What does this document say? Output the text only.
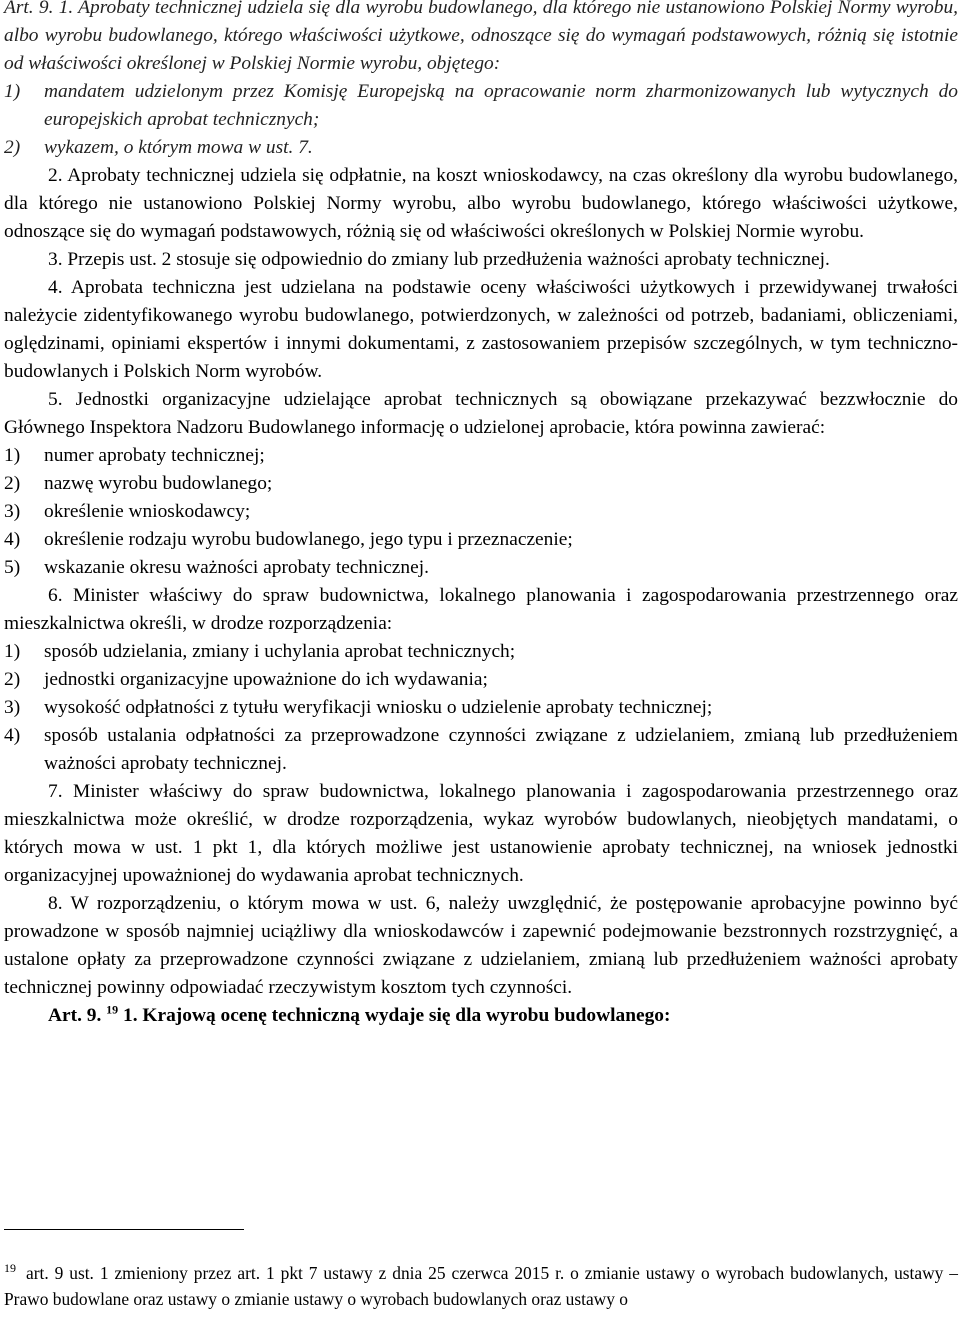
Art. 9. 1. Aprobaty technicznej udziela się dla wyrobu budowlanego, dla którego nie ustanowiono Polskiej Normy wyrobu, albo wyrobu budowlanego, którego właściwości użytkowe, odnoszące się do wymagań podstawowych, różnią się istotnie od właściwości określonej w Polskiej Normie wyrobu, objętego:

1) mandatem udzielonym przez Komisję Europejską na opracowanie norm zharmonizowanych lub wytycznych do europejskich aprobat technicznych;
2) wykazem, o którym mowa w ust. 7.

2. Aprobaty technicznej udziela się odpłatnie, na koszt wnioskodawcy, na czas określony dla wyrobu budowlanego, dla którego nie ustanowiono Polskiej Normy wyrobu, albo wyrobu budowlanego, którego właściwości użytkowe, odnoszące się do wymagań podstawowych, różnią się od właściwości określonych w Polskiej Normie wyrobu.

3. Przepis ust. 2 stosuje się odpowiednio do zmiany lub przedłużenia ważności aprobaty technicznej.

4. Aprobata techniczna jest udzielana na podstawie oceny właściwości użytkowych i przewidywanej trwałości należycie zidentyfikowanego wyrobu budowlanego, potwierdzonych, w zależności od potrzeb, badaniami, obliczeniami, oględzinami, opiniami ekspertów i innymi dokumentami, z zastosowaniem przepisów szczególnych, w tym techniczno-budowlanych i Polskich Norm wyrobów.

5. Jednostki organizacyjne udzielające aprobat technicznych są obowiązane przekazywać bezzwłocznie do Głównego Inspektora Nadzoru Budowlanego informację o udzielonej aprobacie, która powinna zawierać:

1) numer aprobaty technicznej;
2) nazwę wyrobu budowlanego;
3) określenie wnioskodawcy;
4) określenie rodzaju wyrobu budowlanego, jego typu i przeznaczenie;
5) wskazanie okresu ważności aprobaty technicznej.

6. Minister właściwy do spraw budownictwa, lokalnego planowania i zagospodarowania przestrzennego oraz mieszkalnictwa określi, w drodze rozporządzenia:

1) sposób udzielania, zmiany i uchylania aprobat technicznych;
2) jednostki organizacyjne upoważnione do ich wydawania;
3) wysokość odpłatności z tytułu weryfikacji wniosku o udzielenie aprobaty technicznej;
4) sposób ustalania odpłatności za przeprowadzone czynności związane z udzielaniem, zmianą lub przedłużeniem ważności aprobaty technicznej.

7. Minister właściwy do spraw budownictwa, lokalnego planowania i zagospodarowania przestrzennego oraz mieszkalnictwa może określić, w drodze rozporządzenia, wykaz wyrobów budowlanych, nieobjętych mandatami, o których mowa w ust. 1 pkt 1, dla których możliwe jest ustanowienie aprobaty technicznej, na wniosek jednostki organizacyjnej upoważnionej do wydawania aprobat technicznych.

8. W rozporządzeniu, o którym mowa w ust. 6, należy uwzględnić, że postępowanie aprobacyjne powinno być prowadzone w sposób najmniej uciążliwy dla wnioskodawców i zapewnić podejmowanie bezstronnych rozstrzygnięć, a ustalone opłaty za przeprowadzone czynności związane z udzielaniem, zmianą lub przedłużeniem ważności aprobaty technicznej powinny odpowiadać rzeczywistym kosztom tych czynności.

Art. 9. $^{19}$ 1. Krajową ocenę techniczną wydaje się dla wyrobu budowlanego:

$^{19}$ art. 9 ust. 1 zmieniony przez art. 1 pkt 7 ustawy z dnia 25 czerwca 2015 r. o zmianie ustawy o wyrobach budowlanych, ustawy – Prawo budowlane oraz ustawy o zmianie ustawy o wyrobach budowlanych oraz ustawy o
